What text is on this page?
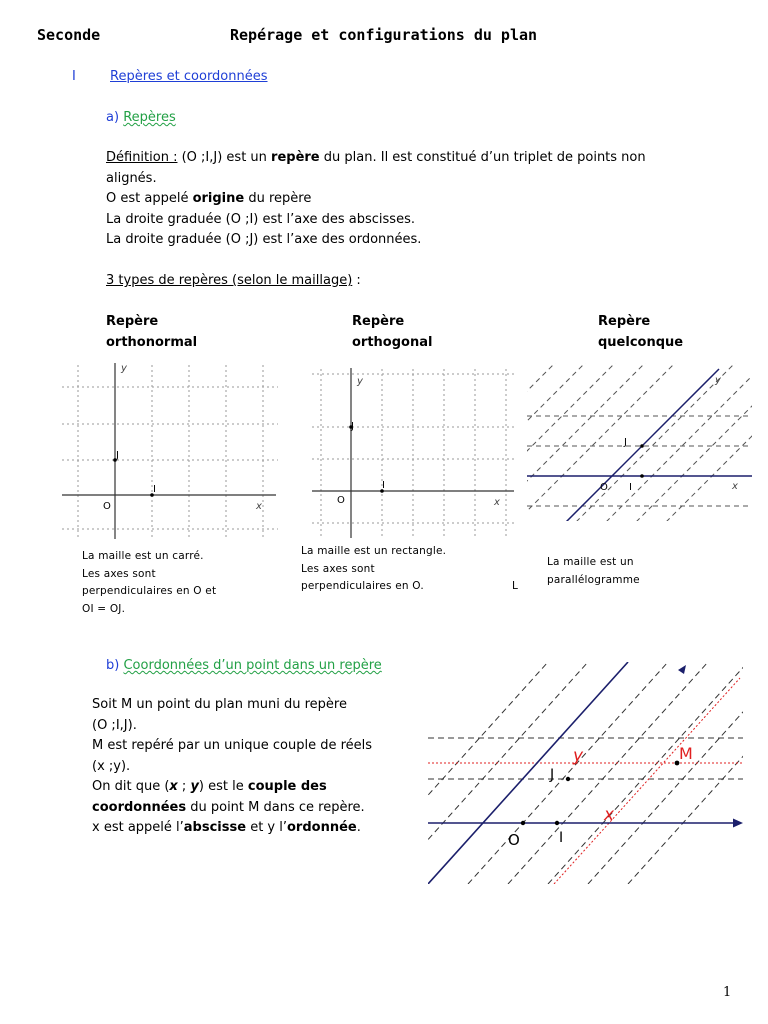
Seconde	Repérage et configurations du plan
I	Repères et coordonnées
a) Repères
Définition : (O ;I,J) est un repère du plan. Il est constitué d’un triplet de points non
alignés.
O est appelé origine du repère
La droite graduée (O ;I) est l’axe des abscisses.
La droite graduée (O ;J) est l’axe des ordonnées.
3 types de repères (selon le maillage) :
Repère
orthonormal
Repère
orthogonal
Repère
quelconque
y
x
J
I
O
y
x
J
I
O
y
x
J
I
O
La maille est un carré.
Les axes sont
perpendiculaires en O et
OI = OJ.
La maille est un rectangle.
Les axes sont
perpendiculaires en O.	L
La maille est un
parallélogramme
b) Coordonnées d’un point dans un repère
Soit M un point du plan muni du repère
(O ;I,J).
M est repéré par un unique couple de réels
(x ;y).
On dit que (x ; y) est le couple des
coordonnées du point M dans ce repère.
x est appelé l’abscisse et y l’ordonnée.
O	I
J
M
y
x
1
